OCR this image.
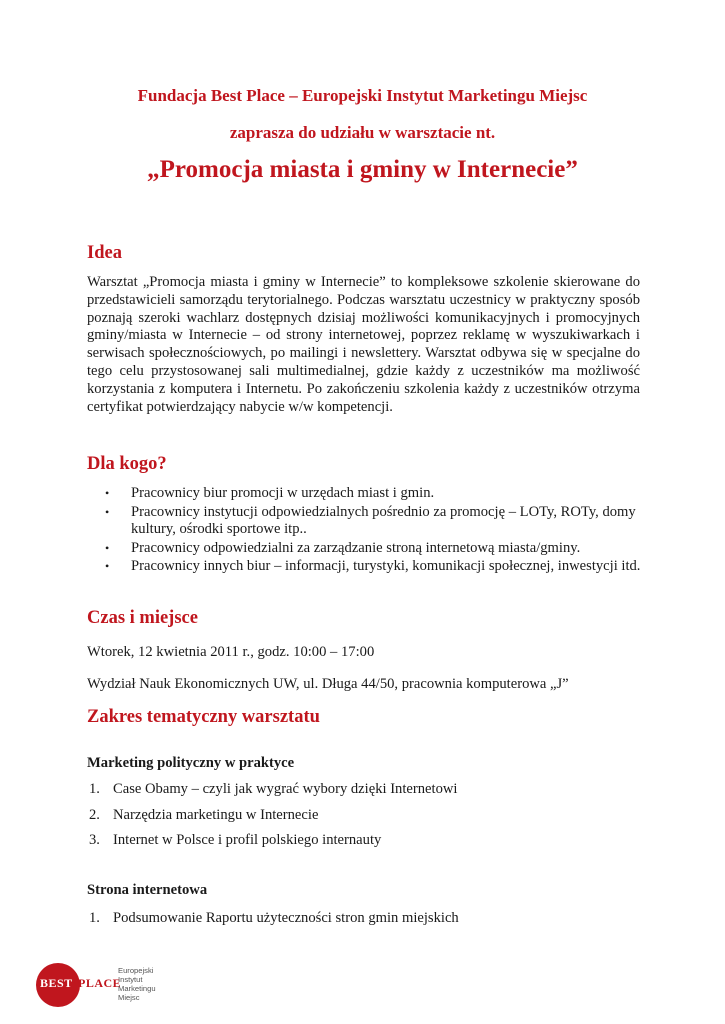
Fundacja Best Place – Europejski Instytut Marketingu Miejsc
zaprasza do udziału w warsztacie nt.
„Promocja miasta i gminy w Internecie”
Idea

Warsztat „Promocja miasta i gminy w Internecie” to kompleksowe szkolenie skierowane do przedstawicieli samorządu terytorialnego. Podczas warsztatu uczestnicy w praktyczny sposób poznają szeroki wachlarz dostępnych dzisiaj możliwości komunikacyjnych i promocyjnych gminy/miasta w Internecie – od strony internetowej, poprzez reklamę w wyszukiwarkach i serwisach społecznościowych, po mailingi i newslettery. Warsztat odbywa się w specjalne do tego celu przystosowanej sali multimedialnej, gdzie każdy z uczestników ma możliwość korzystania z komputera i Internetu. Po zakończeniu szkolenia każdy z uczestników otrzyma certyfikat potwierdzający nabycie w/w kompetencji.

Dla kogo?
• Pracownicy biur promocji w urzędach miast i gmin.
• Pracownicy instytucji odpowiedzialnych pośrednio za promocję – LOTy, ROTy, domy kultury, ośrodki sportowe itp..
• Pracownicy odpowiedzialni za zarządzanie stroną internetową miasta/gminy.
• Pracownicy innych biur – informacji, turystyki, komunikacji społecznej, inwestycji itd.
Czas i miejsce

Wtorek, 12 kwietnia 2011 r., godz. 10:00 – 17:00

Wydział Nauk Ekonomicznych UW, ul. Długa 44/50, pracownia komputerowa „J”

Zakres tematyczny warsztatu

Marketing polityczny w praktyce

1. Case Obamy – czyli jak wygrać wybory dzięki Internetowi
2. Narzędzia marketingu w Internecie
3. Internet w Polsce i profil polskiego internauty

Strona internetowa

1. Podsumowanie Raportu użyteczności stron gmin miejskich
BEST PLACE
Europejski
Instytut
Marketingu
Miejsc
